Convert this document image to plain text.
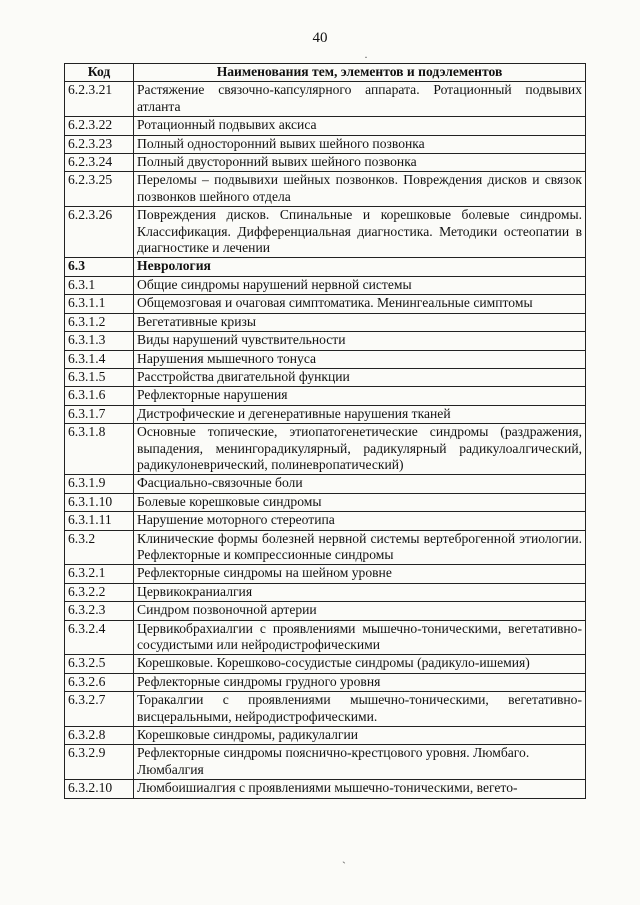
40
·
ˎ
Код	Наименования тем, элементов и подэлементов
6.2.3.21	Растяжение связочно-капсулярного аппарата. Ротационный подвывих атланта
6.2.3.22	Ротационный подвывих аксиса
6.2.3.23	Полный односторонний вывих шейного позвонка
6.2.3.24	Полный двусторонний вывих шейного позвонка
6.2.3.25	Переломы – подвывихи шейных позвонков. Повреждения дисков и связок позвонков шейного отдела
6.2.3.26	Повреждения дисков. Спинальные и корешковые болевые синдромы. Классификация. Дифференциальная диагностика. Методики остеопатии в диагностике и лечении
6.3	Неврология
6.3.1	Общие синдромы нарушений нервной системы
6.3.1.1	Общемозговая и очаговая симптоматика. Менингеальные симптомы
6.3.1.2	Вегетативные кризы
6.3.1.3	Виды нарушений чувствительности
6.3.1.4	Нарушения мышечного тонуса
6.3.1.5	Расстройства двигательной функции
6.3.1.6	Рефлекторные нарушения
6.3.1.7	Дистрофические и дегенеративные нарушения тканей
6.3.1.8	Основные топические, этиопатогенетические синдромы (раздражения, выпадения, менингорадикулярный, радикулярный радикулоалгический, радикулоневрический, полиневропатический)
6.3.1.9	Фасциально-связочные боли
6.3.1.10	Болевые корешковые синдромы
6.3.1.11	Нарушение моторного стереотипа
6.3.2	Клинические формы болезней нервной системы вертеброгенной этиологии. Рефлекторные и компрессионные синдромы
6.3.2.1	Рефлекторные синдромы на шейном уровне
6.3.2.2	Цервикокраниалгия
6.3.2.3	Синдром позвоночной артерии
6.3.2.4	Цервикобрахиалгии с проявлениями мышечно-тоническими, вегетативно-сосудистыми или нейродистрофическими
6.3.2.5	Корешковые. Корешково-сосудистые синдромы (радикуло-ишемия)
6.3.2.6	Рефлекторные синдромы грудного уровня
6.3.2.7	Торакалгии с проявлениями мышечно-тоническими, вегетативно-висцеральными, нейродистрофическими.
6.3.2.8	Корешковые синдромы, радикулалгии
6.3.2.9	Рефлекторные синдромы пояснично-крестцового уровня. Люмбаго. Люмбалгия
6.3.2.10	Люмбоишиалгия с проявлениями мышечно-тоническими, вегето-
